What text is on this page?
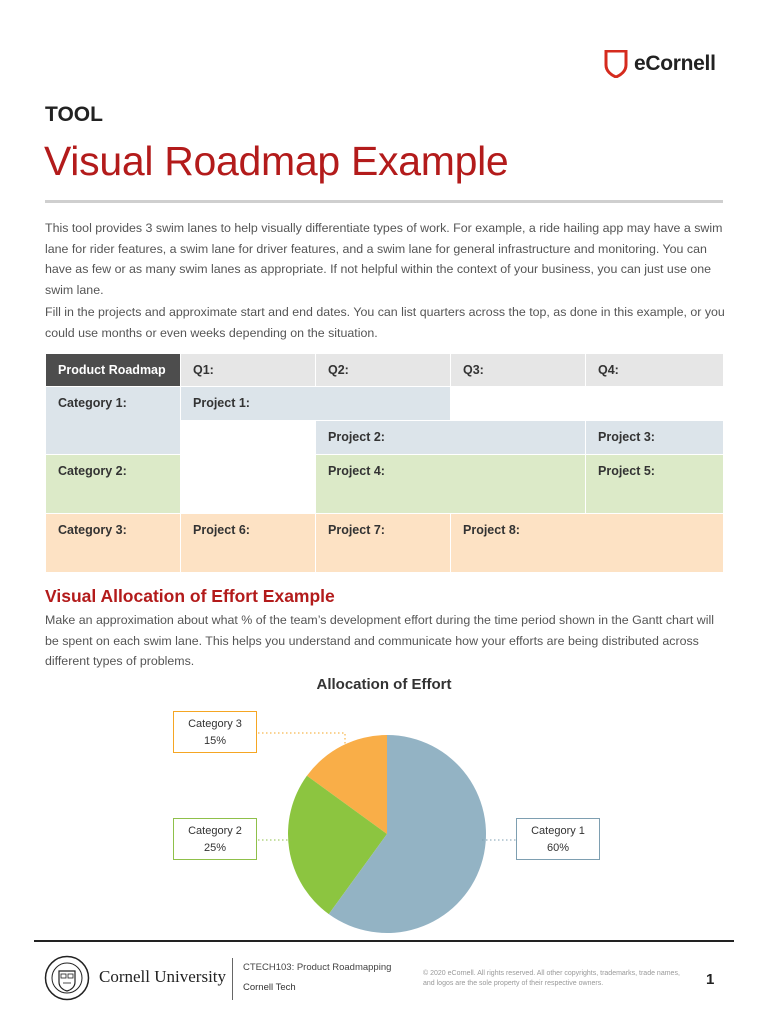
eCornell
TOOL
Visual Roadmap Example

This tool provides 3 swim lanes to help visually differentiate types of work. For example, a ride hailing app may have a swim lane for rider features, a swim lane for driver features, and a swim lane for general infrastructure and monitoring. You can have as few or as many swim lanes as appropriate. If not helpful within the context of your business, you can just use one swim lane.

Fill in the projects and approximate start and end dates. You can list quarters across the top, as done in this example, or you could use months or even weeks depending on the situation.

Product Roadmap	Q1:	Q2:	Q3:	Q4:

Category 1:	Project 1:			

		Project 2:		Project 3:

Category 2:		Project 4:		Project 5:

Category 3:	Project 6:	Project 7:	Project 8:	
Visual Allocation of Effort Example

Make an approximation about what % of the team’s development effort during the time period shown in the Gantt chart will be spent on each swim lane. This helps you understand and communicate how your efforts are being distributed across different types of problems.

Allocation of Effort
Category 3
15%
Category 2
25%
Category 1
60%
Cornell University CTECH103: Product Roadmapping
Cornell Tech
© 2020 eCornell. All rights reserved. All other copyrights, trademarks, trade names, and logos are the sole property of their respective owners.	1
